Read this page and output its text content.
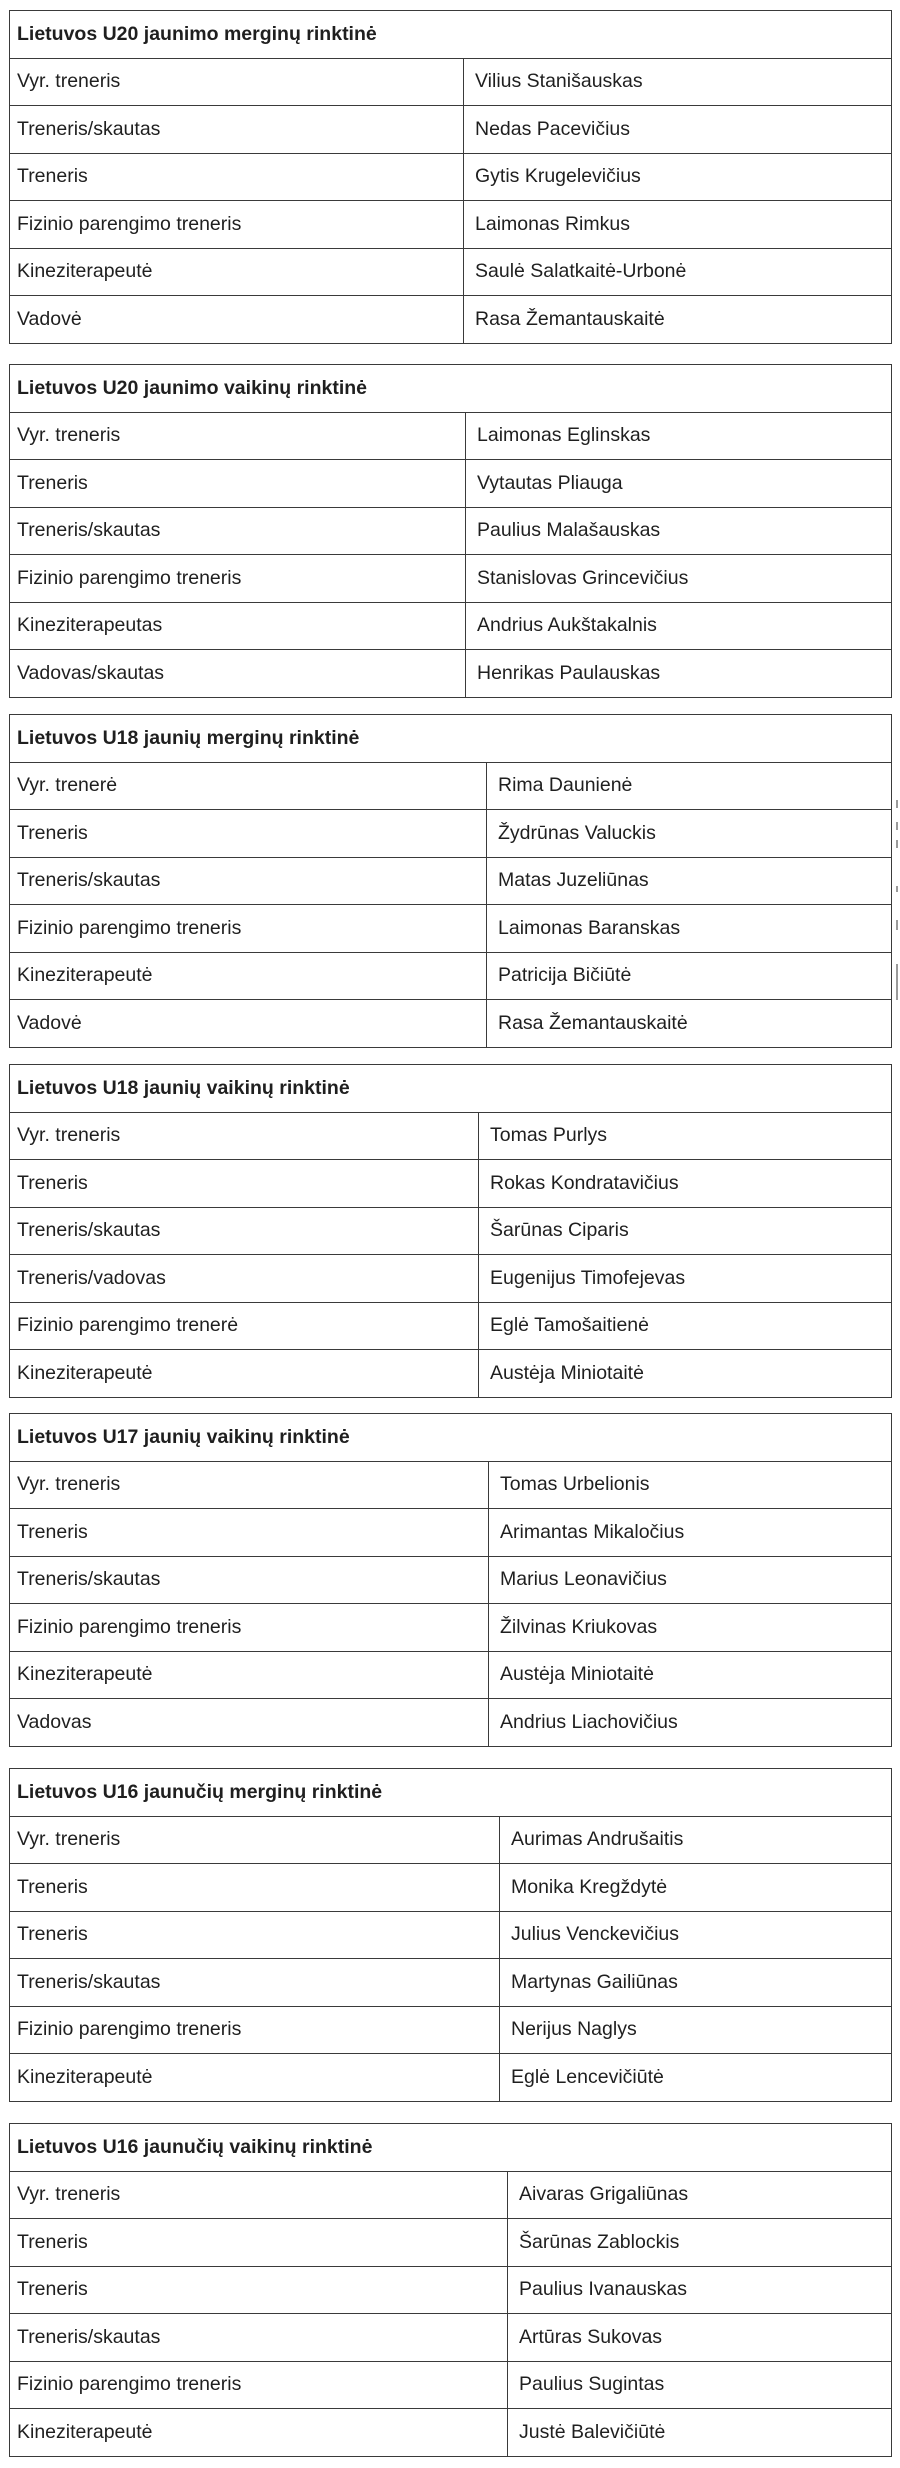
Lietuvos U20 jaunimo merginų rinktinė	
Vyr. treneris	Vilius Stanišauskas
Treneris/skautas	Nedas Pacevičius
Treneris	Gytis Krugelevičius
Fizinio parengimo treneris	Laimonas Rimkus
Kineziterapeutė	Saulė Salatkaitė-Urbonė
Vadovė	Rasa Žemantauskaitė
Lietuvos U20 jaunimo vaikinų rinktinė	
Vyr. treneris	Laimonas Eglinskas
Treneris	Vytautas Pliauga
Treneris/skautas	Paulius Malašauskas
Fizinio parengimo treneris	Stanislovas Grincevičius
Kineziterapeutas	Andrius Aukštakalnis
Vadovas/skautas	Henrikas Paulauskas
Lietuvos U18 jaunių merginų rinktinė	
Vyr. trenerė	Rima Daunienė
Treneris	Žydrūnas Valuckis
Treneris/skautas	Matas Juzeliūnas
Fizinio parengimo treneris	Laimonas Baranskas
Kineziterapeutė	Patricija Bičiūtė
Vadovė	Rasa Žemantauskaitė
Lietuvos U18 jaunių vaikinų rinktinė	
Vyr. treneris	Tomas Purlys
Treneris	Rokas Kondratavičius
Treneris/skautas	Šarūnas Ciparis
Treneris/vadovas	Eugenijus Timofejevas
Fizinio parengimo trenerė	Eglė Tamošaitienė
Kineziterapeutė	Austėja Miniotaitė
Lietuvos U17 jaunių vaikinų rinktinė	
Vyr. treneris	Tomas Urbelionis
Treneris	Arimantas Mikaločius
Treneris/skautas	Marius Leonavičius
Fizinio parengimo treneris	Žilvinas Kriukovas
Kineziterapeutė	Austėja Miniotaitė
Vadovas	Andrius Liachovičius
Lietuvos U16 jaunučių merginų rinktinė	
Vyr. treneris	Aurimas Andrušaitis
Treneris	Monika Kregždytė
Treneris	Julius Venckevičius
Treneris/skautas	Martynas Gailiūnas
Fizinio parengimo treneris	Nerijus Naglys
Kineziterapeutė	Eglė Lencevičiūtė
Lietuvos U16 jaunučių vaikinų rinktinė	
Vyr. treneris	Aivaras Grigaliūnas
Treneris	Šarūnas Zablockis
Treneris	Paulius Ivanauskas
Treneris/skautas	Artūras Sukovas
Fizinio parengimo treneris	Paulius Sugintas
Kineziterapeutė	Justė Balevičiūtė
